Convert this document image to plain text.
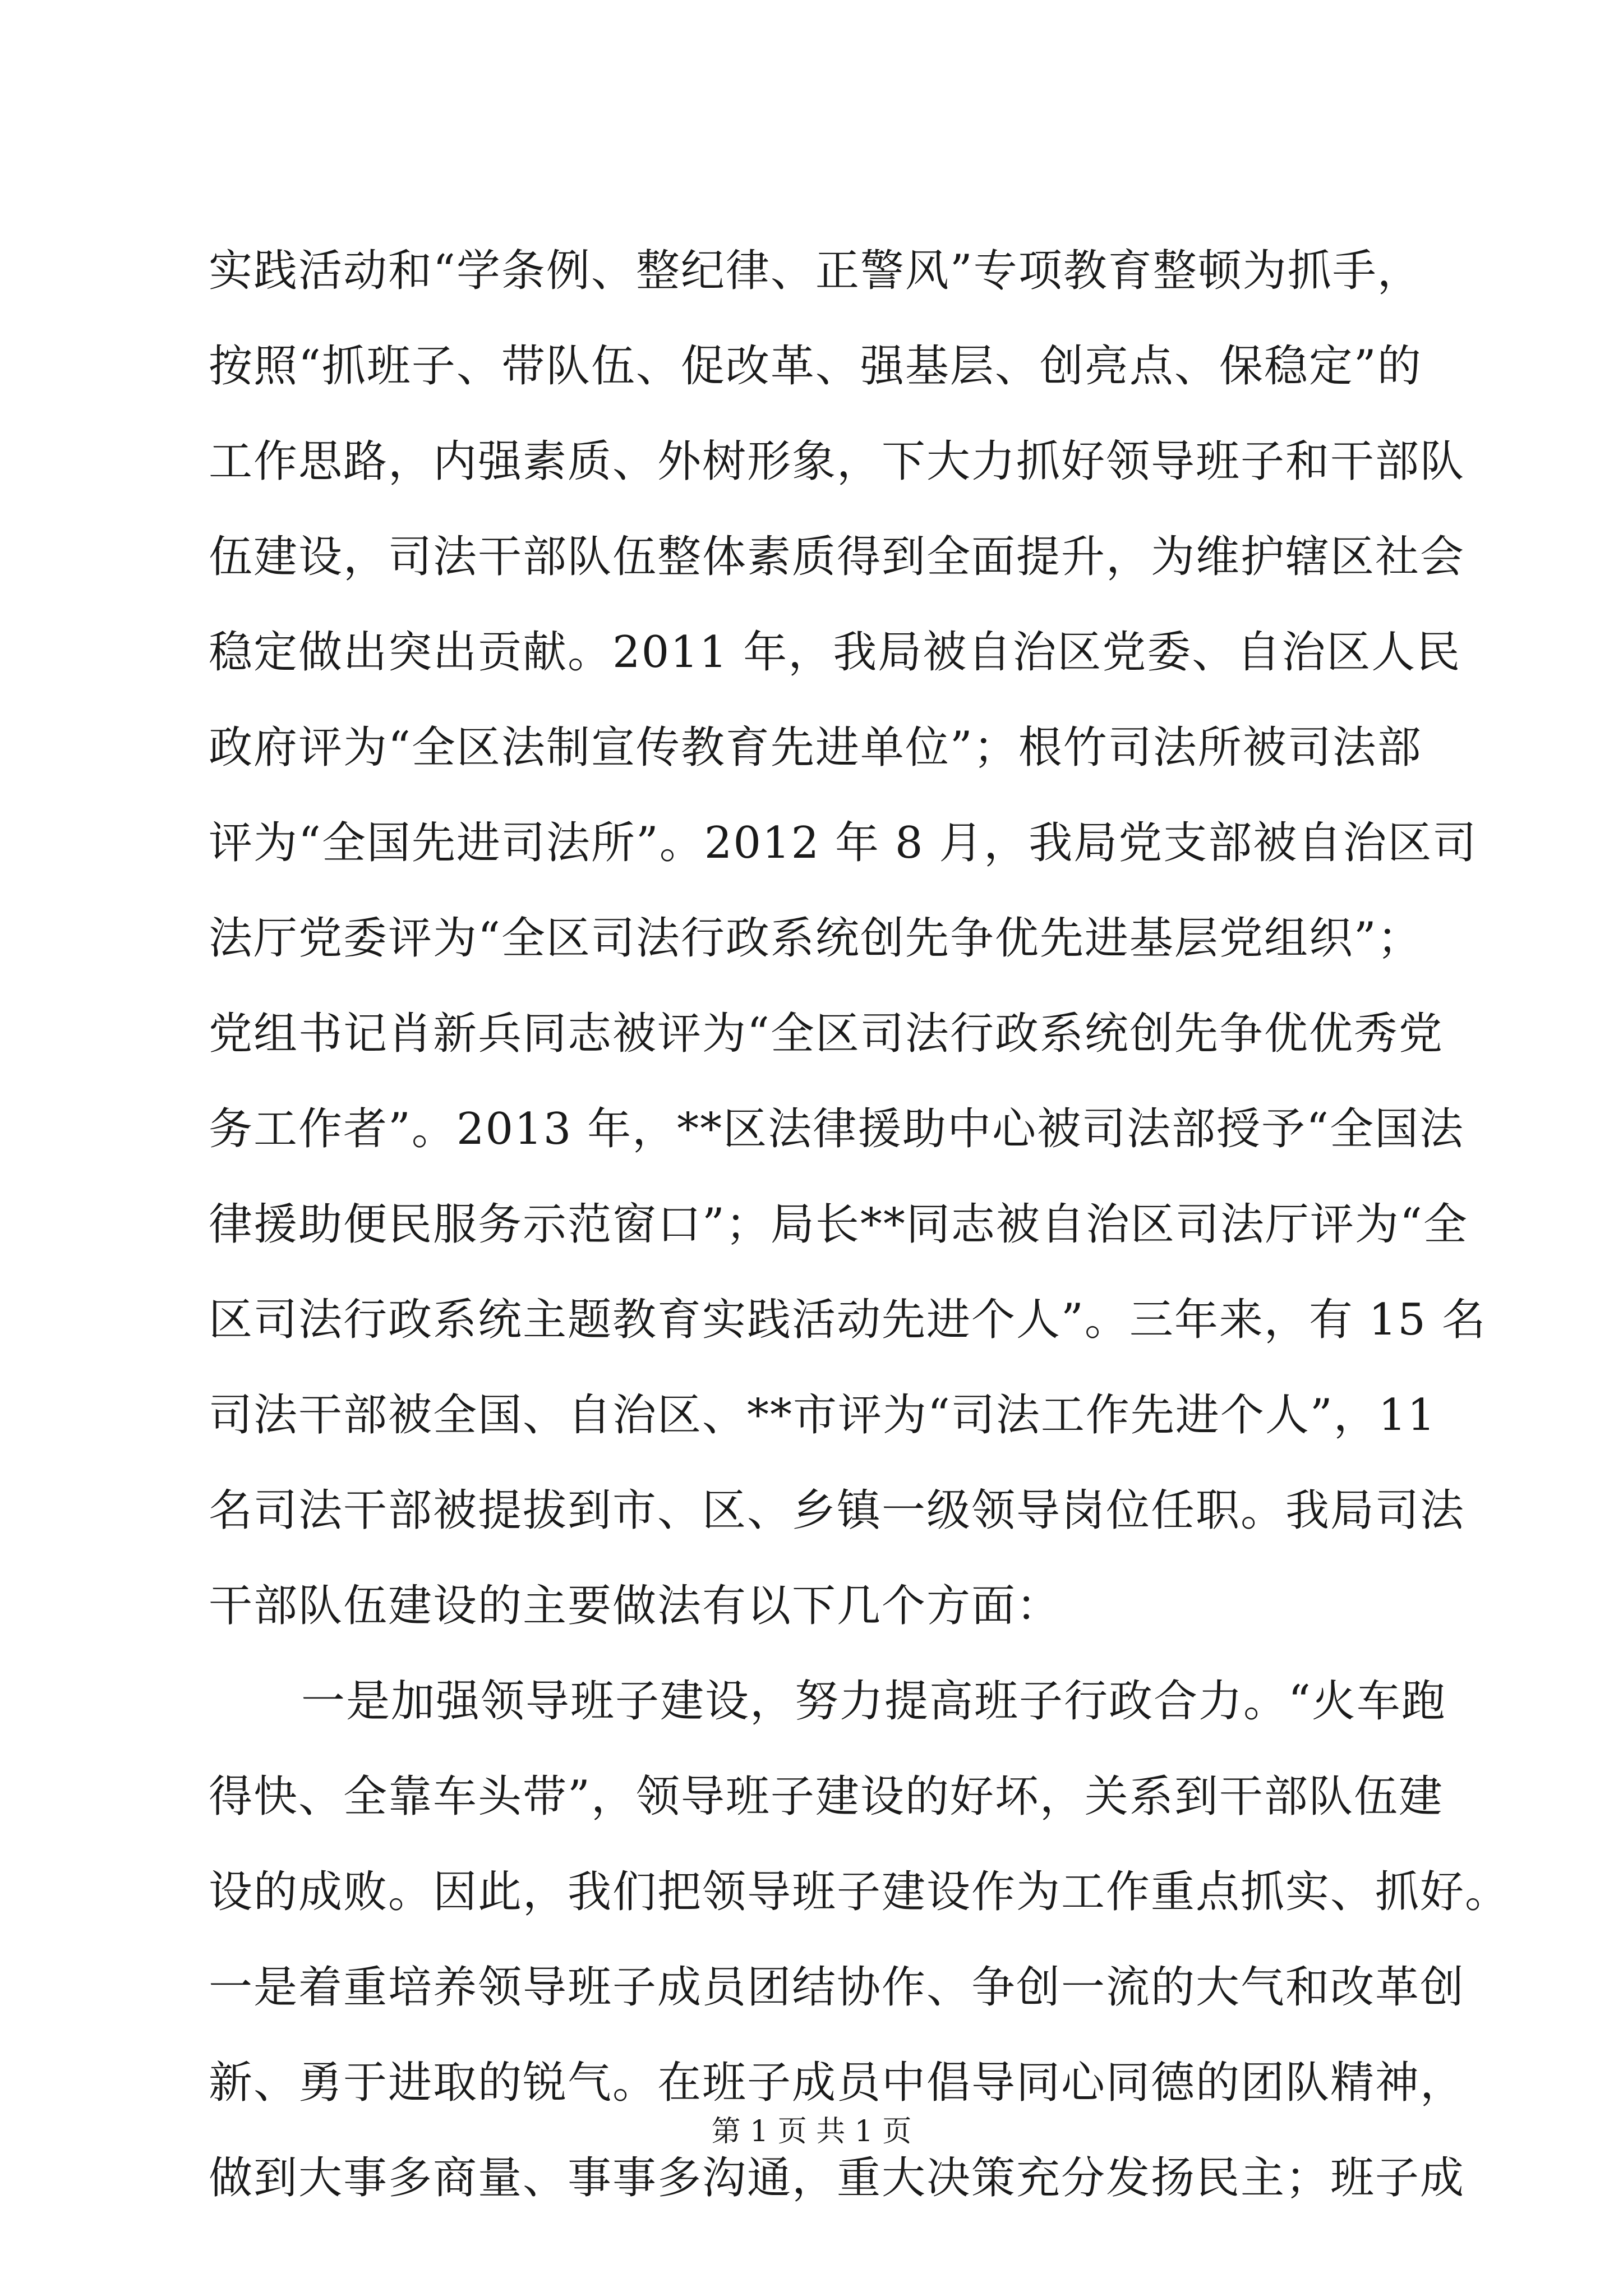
实践活动和“学条例、整纪律、正警风”专项教育整顿为抓手，
按照“抓班子、带队伍、促改革、强基层、创亮点、保稳定”的
工作思路，内强素质、外树形象，下大力抓好领导班子和干部队
伍建设，司法干部队伍整体素质得到全面提升，为维护辖区社会
稳定做出突出贡献。2011 年，我局被自治区党委、自治区人民
政府评为“全区法制宣传教育先进单位”；根竹司法所被司法部
评为“全国先进司法所”。2012 年 8 月，我局党支部被自治区司
法厅党委评为“全区司法行政系统创先争优先进基层党组织”；
党组书记肖新兵同志被评为“全区司法行政系统创先争优优秀党
务工作者”。2013 年，**区法律援助中心被司法部授予“全国法
律援助便民服务示范窗口”；局长**同志被自治区司法厅评为“全
区司法行政系统主题教育实践活动先进个人”。三年来，有 15 名
司法干部被全国、自治区、**市评为“司法工作先进个人”，11
名司法干部被提拔到市、区、乡镇一级领导岗位任职。我局司法
干部队伍建设的主要做法有以下几个方面：
一是加强领导班子建设，努力提高班子行政合力。“火车跑
得快、全靠车头带”，领导班子建设的好坏，关系到干部队伍建
设的成败。因此，我们把领导班子建设作为工作重点抓实、抓好。
一是着重培养领导班子成员团结协作、争创一流的大气和改革创
新、勇于进取的锐气。在班子成员中倡导同心同德的团队精神，
做到大事多商量、事事多沟通，重大决策充分发扬民主；班子成
第 1 页 共 1 页
